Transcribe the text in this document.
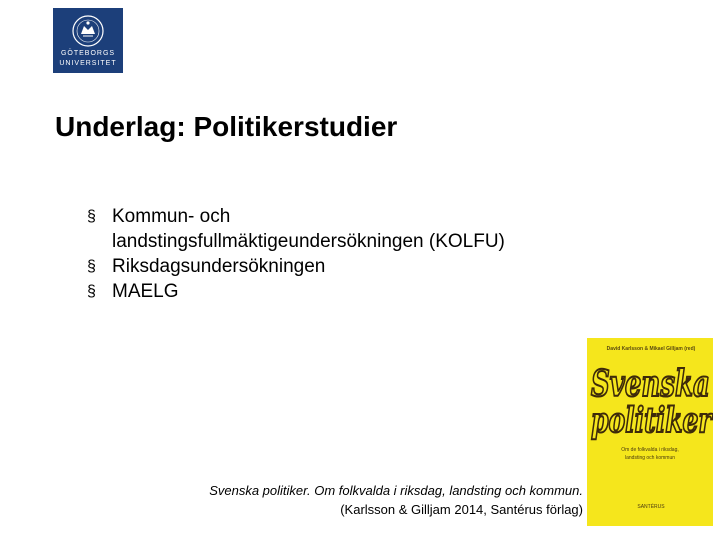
GÖTEBORGS
UNIVERSITET
Underlag: Politikerstudier
§ Kommun- och
landstingsfullmäktigeundersökningen (KOLFU)
§ Riksdagsundersökningen
§ MAELG
David Karlsson & Mikael Gilljam (red)
Svenska
politiker
Om de folkvalda i riksdag,
landsting och kommun
SANTÉRUS
Svenska politiker. Om folkvalda i riksdag, landsting och kommun.
(Karlsson & Gilljam 2014, Santérus förlag)
